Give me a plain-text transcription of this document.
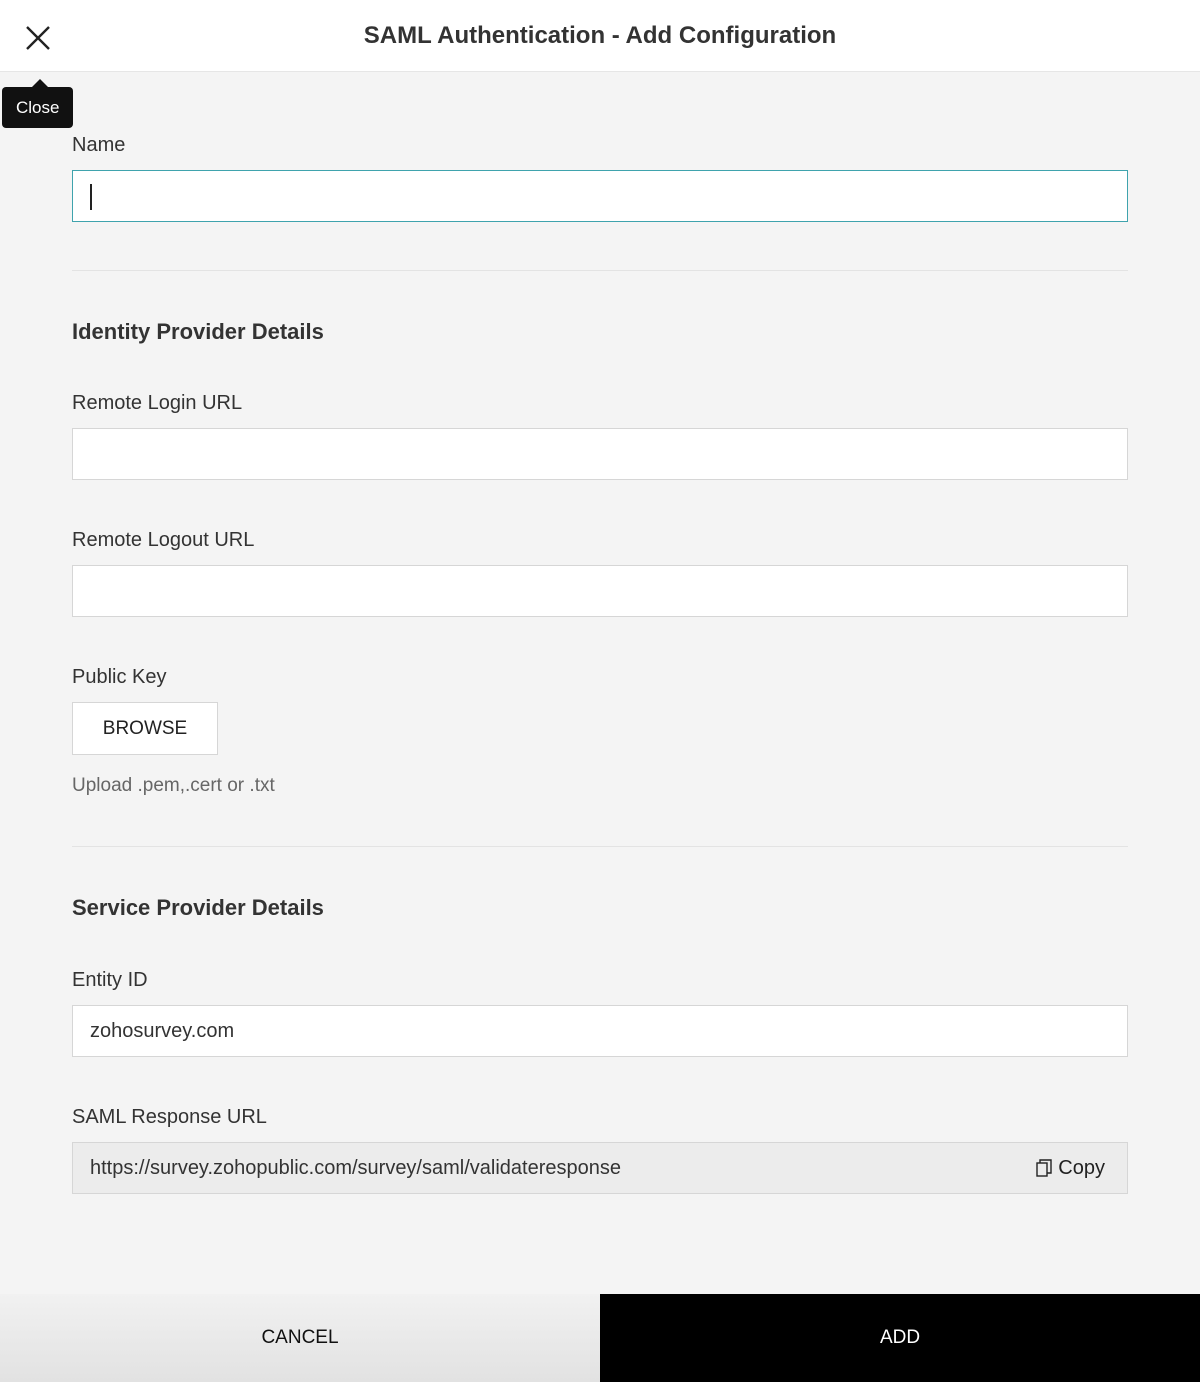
SAML Authentication - Add Configuration
Close
Name
Identity Provider Details
Remote Login URL
Remote Logout URL
Public Key
BROWSE
Upload .pem,.cert or .txt
Service Provider Details
Entity ID
zohosurvey.com
SAML Response URL
https://survey.zohopublic.com/survey/saml/validateresponse	Copy
CANCEL	ADD
